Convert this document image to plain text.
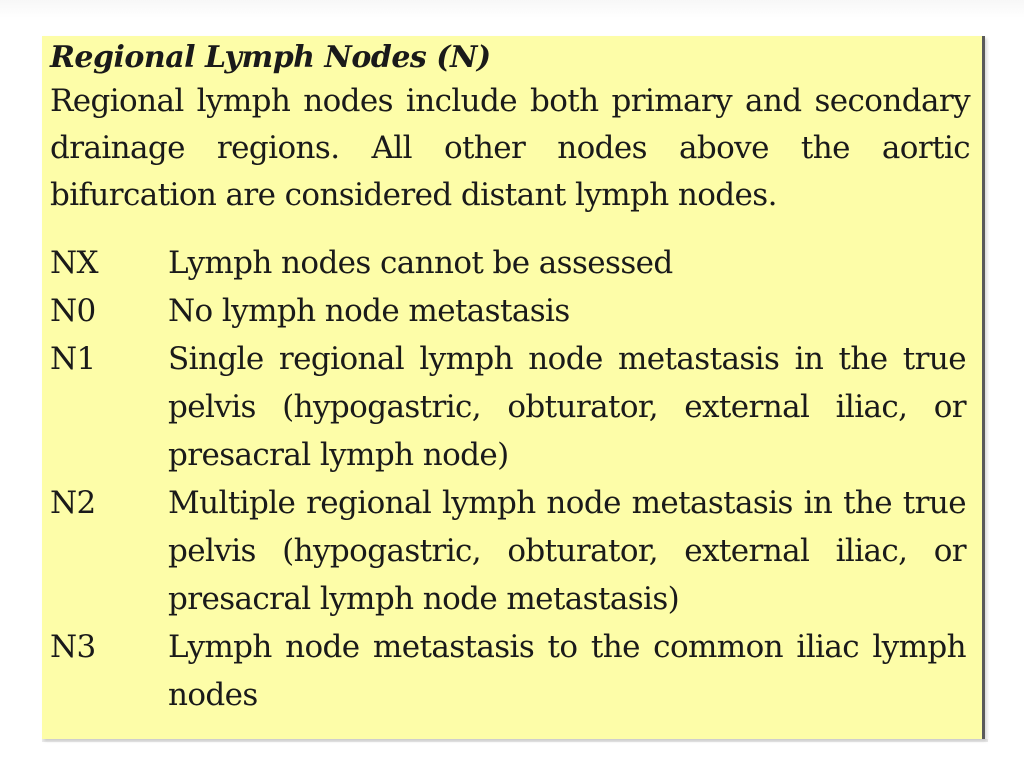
Regional Lymph Nodes (N)

Regional lymph nodes include both primary and secondary drainage regions. All other nodes above the aortic bifurcation are considered distant lymph nodes.

NX	Lymph nodes cannot be assessed
N0	No lymph node metastasis
N1	Single regional lymph node metastasis in the true pelvis (hypogastric, obturator, external iliac, or presacral lymph node)
N2	Multiple regional lymph node metastasis in the true pelvis (hypogastric, obturator, external iliac, or presacral lymph node metastasis)
N3	Lymph node metastasis to the common iliac lymph nodes
